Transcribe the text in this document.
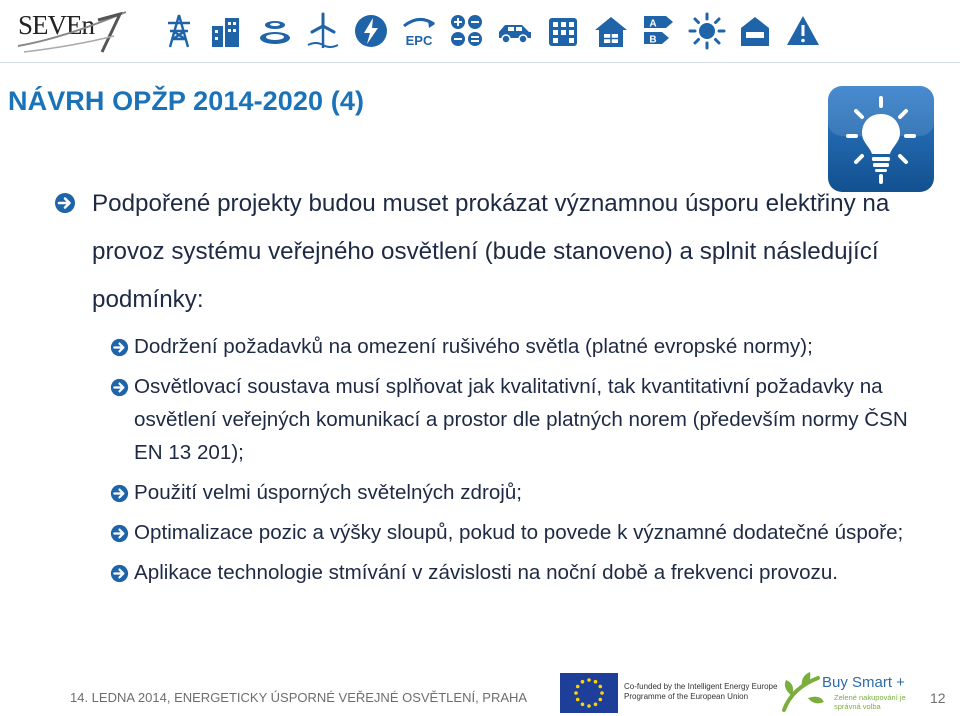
SEVEn
EPC
A
B
NÁVRH OPŽP 2014-2020 (4)
Podpořené projekty budou muset prokázat významnou úsporu elektřiny na provoz systému veřejného osvětlení (bude stanoveno) a splnit následující podmínky:
Dodržení požadavků na omezení rušivého světla (platné evropské normy);
Osvětlovací soustava musí splňovat jak kvalitativní, tak kvantitativní požadavky na osvětlení veřejných komunikací a prostor dle platných norem (především normy ČSN EN 13 201);
Použití velmi úsporných světelných zdrojů;
Optimalizace pozic a výšky sloupů, pokud to povede k významné dodatečné úspoře;
Aplikace technologie stmívání v závislosti na noční době a frekvenci provozu.
14. LEDNA 2014, ENERGETICKY ÚSPORNÉ VEŘEJNÉ OSVĚTLENÍ, PRAHA
Co-funded by the Intelligent Energy Europe Programme of the European Union
Buy Smart +
Zelené nakupování je správná volba	12
